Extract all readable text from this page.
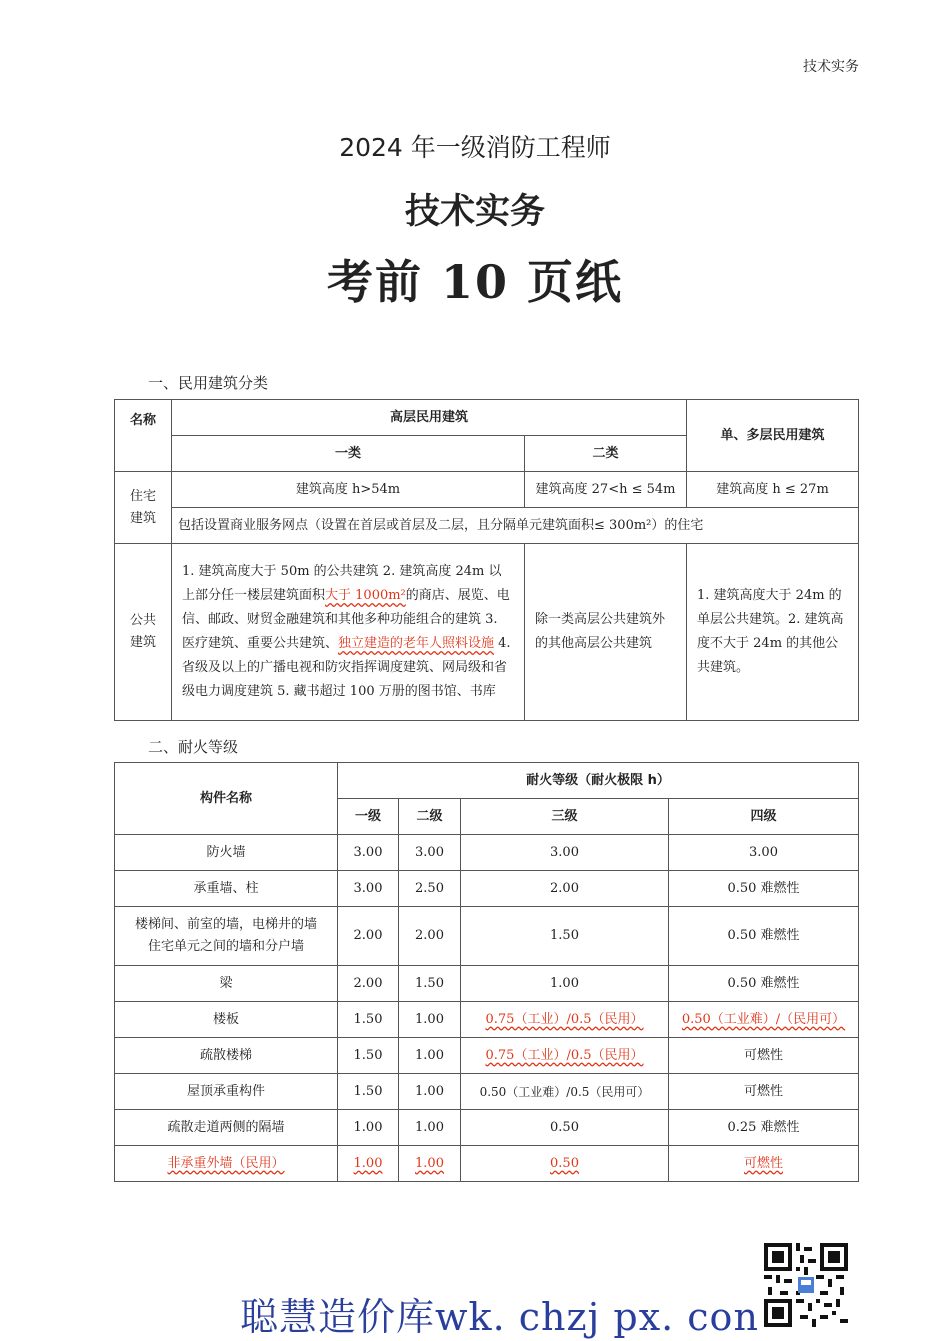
技术实务
2024 年一级消防工程师
技术实务
考前 10 页纸
一、民用建筑分类
名称	高层民用建筑		单、多层民用建筑
	一类	二类	
住宅
建筑	建筑高度 h>54m	建筑高度 27<h ≤ 54m	建筑高度 h ≤ 27m
	包括设置商业服务网点（设置在首层或首层及二层，且分隔单元建筑面积≤ 300m²）的住宅		
公共
建筑	1. 建筑高度大于 50m 的公共建筑 2. 建筑高度 24m 以上部分任一楼层建筑面积大于 1000m²的商店、展览、电信、邮政、财贸金融建筑和其他多种功能组合的建筑 3. 医疗建筑、重要公共建筑、独立建造的老年人照料设施 4. 省级及以上的广播电视和防灾指挥调度建筑、网局级和省级电力调度建筑 5. 藏书超过 100 万册的图书馆、书库	除一类高层公共建筑外的其他高层公共建筑	1. 建筑高度大于 24m 的单层公共建筑。2. 建筑高度不大于 24m 的其他公共建筑。
二、耐火等级
构件名称	耐火等级（耐火极限 h）			
	一级	二级	三级	四级
防火墙	3.00	3.00	3.00	3.00
承重墙、柱	3.00	2.50	2.00	0.50 难燃性
楼梯间、前室的墙，电梯井的墙
住宅单元之间的墙和分户墙	2.00	2.00	1.50	0.50 难燃性
梁	2.00	1.50	1.00	0.50 难燃性
楼板	1.50	1.00	0.75（工业）/0.5（民用）	0.50（工业难）/（民用可）
疏散楼梯	1.50	1.00	0.75（工业）/0.5（民用）	可燃性
屋顶承重构件	1.50	1.00	0.50（工业难）/0.5（民用可）	可燃性
疏散走道两侧的隔墙	1.00	1.00	0.50	0.25 难燃性
非承重外墙（民用）	1.00	1.00	0.50	可燃性
聪慧造价库wk. chzj px. con
